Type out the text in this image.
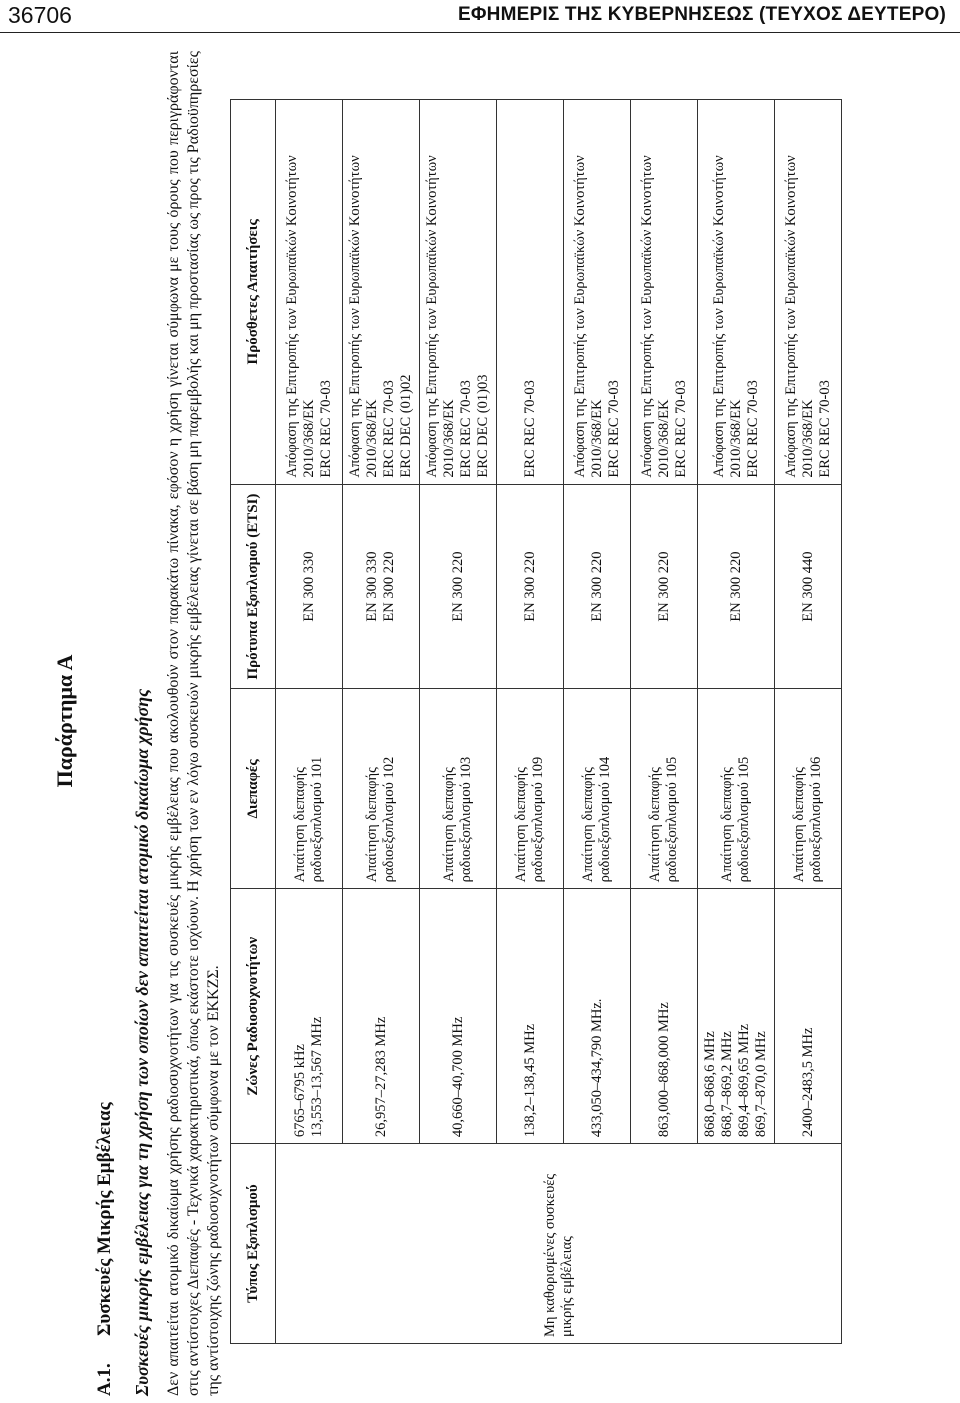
36706	ΕΦΗΜΕΡΙΣ ΤΗΣ ΚΥΒΕΡΝΗΣΕΩΣ (ΤΕΥΧΟΣ ΔΕΥΤΕΡΟ)
Παράρτημα Α
Α.1.Συσκευές Μικρής Εμβέλειας Συσκευές μικρής εμβέλειας για τη χρήση των οποίων δεν απαιτείται ατομικό δικαίωμα χρήσης Δεν απαιτείται ατομικό δικαίωμα χρήσης ραδιοσυχνοτήτων για τις συσκευές μικρής εμβέλειας που ακολουθούν στον παρακάτω πίνακα, εφόσον η χρήση γίνεται σύμφωνα με τους όρους που περιγράφονται στις αντίστοιχες Διεπαφές - Τεχνικά χαρακτηριστικά, όπως εκάστοτε ισχύουν. Η χρήση των εν λόγω συσκευών μικρής εμβέλειας γίνεται σε βάση μη παρεμβολής και μη προστασίας ως προς τις Ραδιοϋπηρεσίες της αντίστοιχης ζώνης ραδιοσυχνοτήτων σύμφωνα με τον ΕΚΚΖΣ. Τύπος Εξοπλισμού	Ζώνες Ραδιοσυχνοτήτων	Διεπαφές	Πρότυπα Εξοπλισμού (ETSI)	Πρόσθετες Απαιτήσεις
Μη καθορισμένες συσκευές μικρής εμβέλειας	6765–6795 kHz 13,553–13,567 MHz	Απαίτηση διεπαφής ραδιοεξοπλισμού 101	EN 300 330	Απόφαση της Επιτροπής των Ευρωπαϊκών Κοινοτήτων 2010/368/ΕΚ ERC REC 70-03

	26,957–27,283 MHz	Απαίτηση διεπαφής ραδιοεξοπλισμού 102	EN 300 330 EN 300 220	Απόφαση της Επιτροπής των Ευρωπαϊκών Κοινοτήτων 2010/368/ΕΚ ERC REC 70-03 ERC DEC (01)02

	40,660–40,700 MHz	Απαίτηση διεπαφής ραδιοεξοπλισμού 103	EN 300 220	Απόφαση της Επιτροπής των Ευρωπαϊκών Κοινοτήτων 2010/368/ΕΚ ERC REC 70-03 ERC DEC (01)03

	138,2–138,45 MHz	Απαίτηση διεπαφής ραδιοεξοπλισμού 109	EN 300 220	ERC REC 70-03

	433,050–434,790 MHz.	Απαίτηση διεπαφής ραδιοεξοπλισμού 104	EN 300 220	Απόφαση της Επιτροπής των Ευρωπαϊκών Κοινοτήτων 2010/368/ΕΚ ERC REC 70-03

	863,000–868,000 MHz	Απαίτηση διεπαφής ραδιοεξοπλισμού 105	EN 300 220	Απόφαση της Επιτροπής των Ευρωπαϊκών Κοινοτήτων 2010/368/ΕΚ ERC REC 70-03

	868,0–868,6 MHz 868,7–869,2 MHz 869,4–869,65 MHz 869,7–870,0 MHz	Απαίτηση διεπαφής ραδιοεξοπλισμού 105	EN 300 220	Απόφαση της Επιτροπής των Ευρωπαϊκών Κοινοτήτων 2010/368/ΕΚ ERC REC 70-03

	2400–2483,5 MHz	Απαίτηση διεπαφής ραδιοεξοπλισμού 106	EN 300 440	Απόφαση της Επιτροπής των Ευρωπαϊκών Κοινοτήτων 2010/368/ΕΚ ERC REC 70-03
